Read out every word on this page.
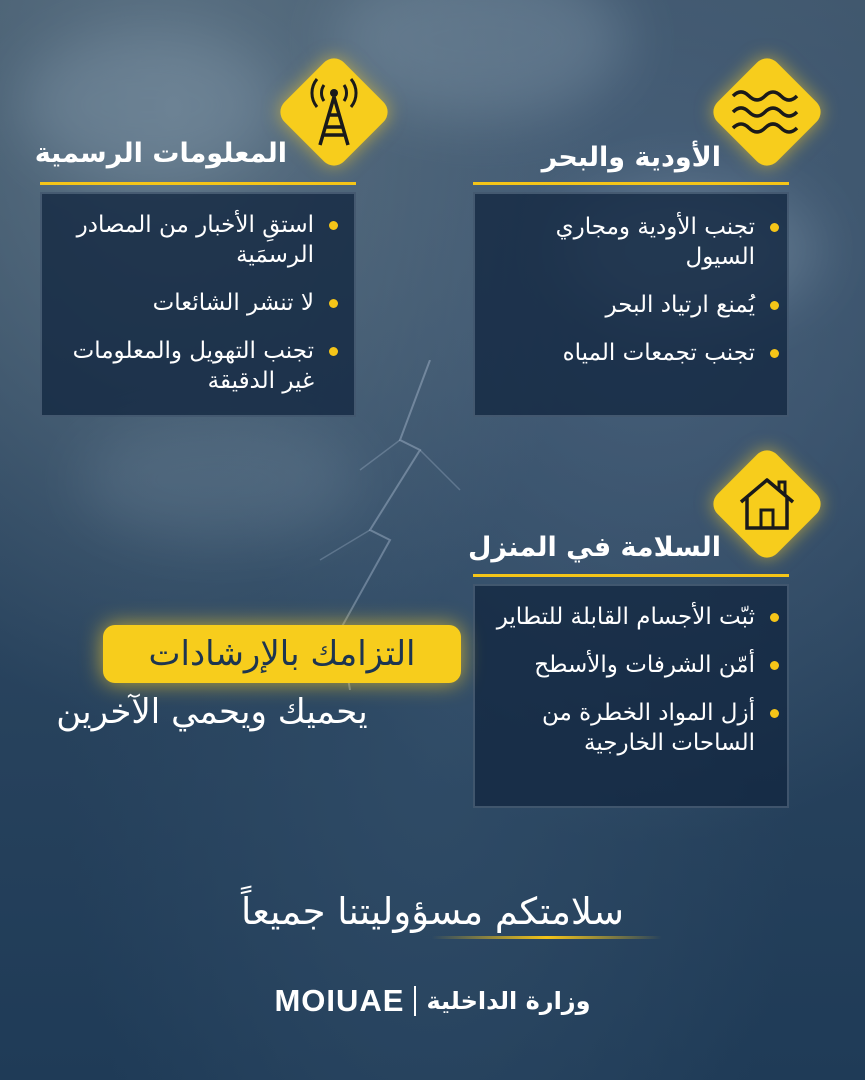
استقِ الأخبار من المصادر الرسمَية
لا تنشر الشائعات
تجنب التهويل والمعلومات غير الدقيقة
المعلومات الرسمية
تجنب الأودية ومجاري السيول
يُمنع ارتياد البحر
تجنب تجمعات المياه
الأودية والبحر
ثبّت الأجسام القابلة للتطاير
أمّن الشرفات والأسطح
أزل المواد الخطرة من الساحات الخارجية
السلامة في المنزل
التزامك بالإرشادات
يحميك ويحمي الآخرين
سلامتكم مسؤوليتنا جميعاً
MOIUAE وزارة الداخلية
